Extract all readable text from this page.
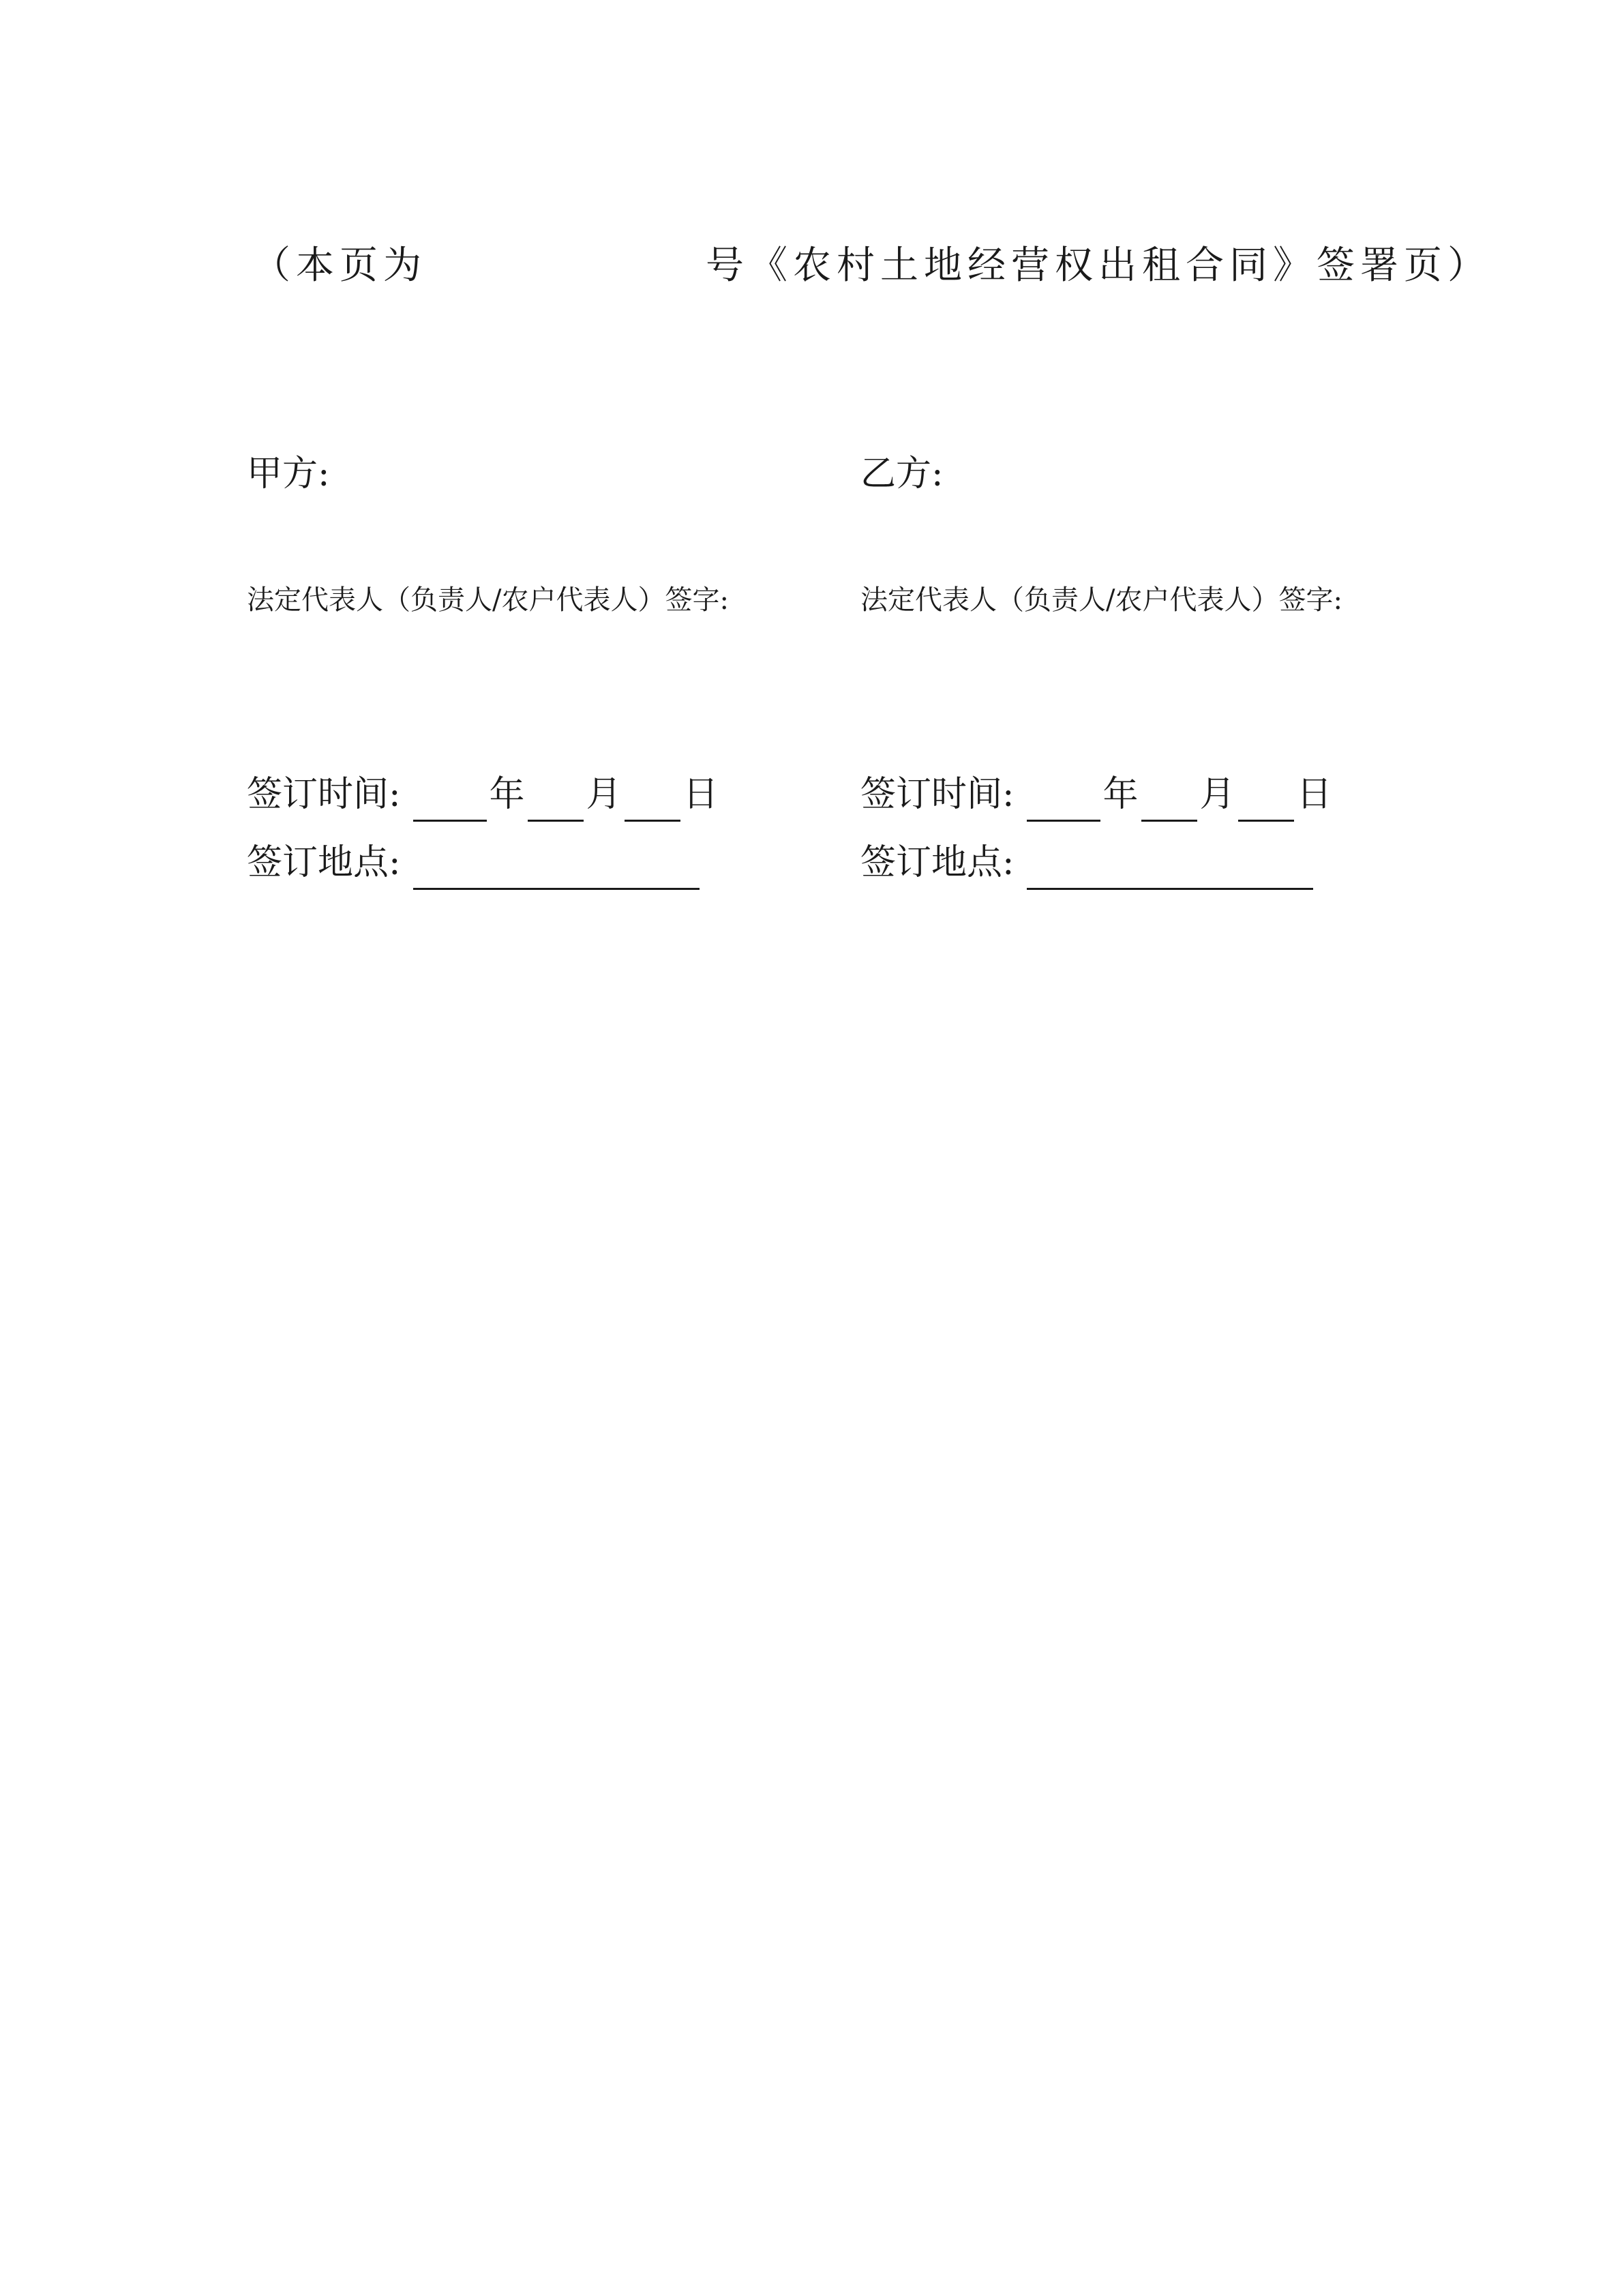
（本页为	号《农村土地经营权出租合同》签署页）
甲方:
法定代表人（负责人/农户代表人）签字:
签订时间:	年 月 日
签订地点:
乙方:
法定代表人（负责人/农户代表人）签字:
签订时间:	年 月 日
签订地点:
